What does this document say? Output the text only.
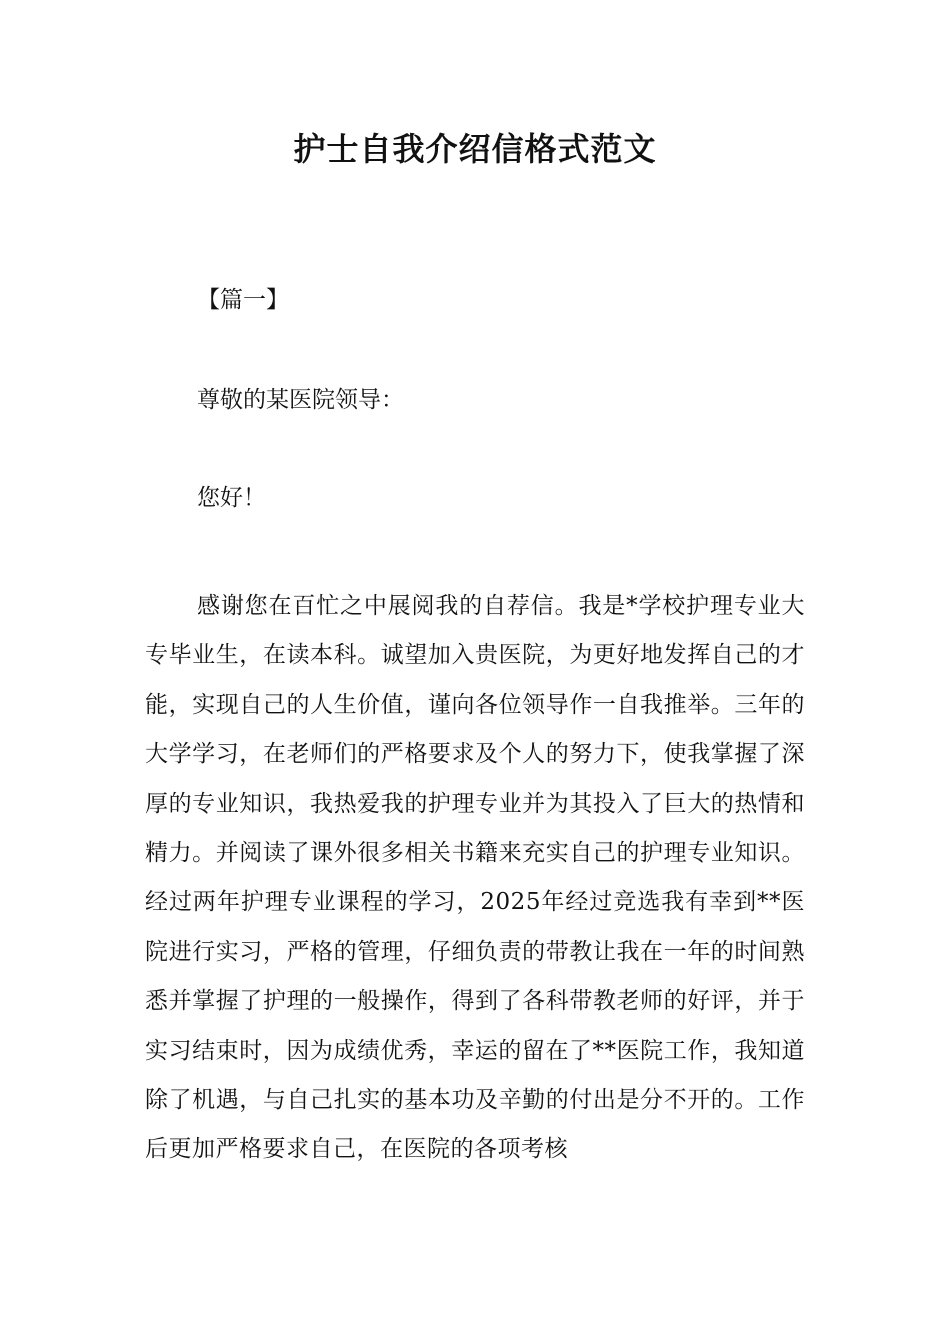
护士自我介绍信格式范文
【篇一】
尊敬的某医院领导：
您好！
感谢您在百忙之中展阅我的自荐信。我是*学校护理专业大专毕业生，在读本科。诚望加入贵医院，为更好地发挥自己的才能，实现自己的人生价值，谨向各位领导作一自我推举。三年的大学学习，在老师们的严格要求及个人的努力下，使我掌握了深厚的专业知识，我热爱我的护理专业并为其投入了巨大的热情和精力。并阅读了课外很多相关书籍来充实自己的护理专业知识。经过两年护理专业课程的学习，2025年经过竞选我有幸到**医院进行实习，严格的管理，仔细负责的带教让我在一年的时间熟悉并掌握了护理的一般操作，得到了各科带教老师的好评，并于实习结束时，因为成绩优秀，幸运的留在了**医院工作，我知道除了机遇，与自己扎实的基本功及辛勤的付出是分不开的。工作后更加严格要求自己，在医院的各项考核
